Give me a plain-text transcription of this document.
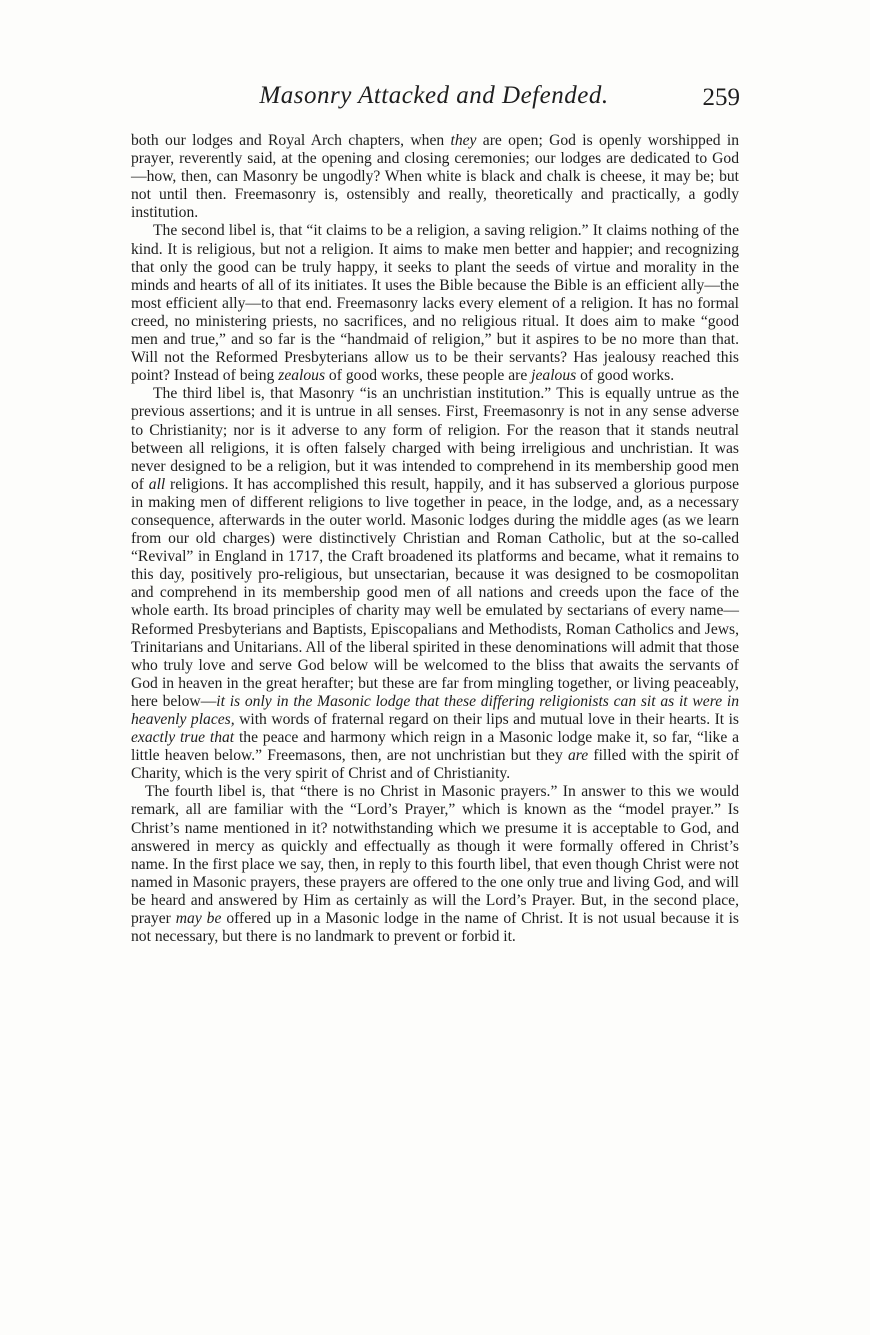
Masonry Attacked and Defended.	259

both our lodges and Royal Arch chapters, when they are open; God is openly worshipped in prayer, reverently said, at the opening and closing ceremonies; our lodges are dedicated to God—how, then, can Masonry be ungodly? When white is black and chalk is cheese, it may be; but not until then. Freemasonry is, ostensibly and really, theoretically and practically, a godly institution.

The second libel is, that “it claims to be a religion, a saving religion.” It claims nothing of the kind. It is religious, but not a religion. It aims to make men better and happier; and recognizing that only the good can be truly happy, it seeks to plant the seeds of virtue and morality in the minds and hearts of all of its initiates. It uses the Bible because the Bible is an efficient ally—the most efficient ally—to that end. Freemasonry lacks every element of a religion. It has no formal creed, no ministering priests, no sacrifices, and no religious ritual. It does aim to make “good men and true,” and so far is the “handmaid of religion,” but it aspires to be no more than that. Will not the Reformed Presbyterians allow us to be their servants? Has jealousy reached this point? Instead of being zealous of good works, these people are jealous of good works.

The third libel is, that Masonry “is an unchristian institution.” This is equally untrue as the previous assertions; and it is untrue in all senses. First, Freemasonry is not in any sense adverse to Christianity; nor is it adverse to any form of religion. For the reason that it stands neutral between all religions, it is often falsely charged with being irreligious and unchristian. It was never designed to be a religion, but it was intended to comprehend in its membership good men of all religions. It has accomplished this result, happily, and it has subserved a glorious purpose in making men of different religions to live together in peace, in the lodge, and, as a necessary consequence, afterwards in the outer world. Masonic lodges during the middle ages (as we learn from our old charges) were distinctively Christian and Roman Catholic, but at the so-called “Revival” in England in 1717, the Craft broadened its platforms and became, what it remains to this day, positively pro-religious, but unsectarian, because it was designed to be cosmopolitan and comprehend in its membership good men of all nations and creeds upon the face of the whole earth. Its broad principles of charity may well be emulated by sectarians of every name—Reformed Presbyterians and Baptists, Episcopalians and Methodists, Roman Catholics and Jews, Trinitarians and Unitarians. All of the liberal spirited in these denominations will admit that those who truly love and serve God below will be welcomed to the bliss that awaits the servants of God in heaven in the great herafter; but these are far from mingling together, or living peaceably, here below—it is only in the Masonic lodge that these differing religionists can sit as it were in heavenly places, with words of fraternal regard on their lips and mutual love in their hearts. It is exactly true that the peace and harmony which reign in a Masonic lodge make it, so far, “like a little heaven below.” Freemasons, then, are not unchristian but they are filled with the spirit of Charity, which is the very spirit of Christ and of Christianity.

The fourth libel is, that “there is no Christ in Masonic prayers.” In answer to this we would remark, all are familiar with the “Lord’s Prayer,” which is known as the “model prayer.” Is Christ’s name mentioned in it? notwithstanding which we presume it is acceptable to God, and answered in mercy as quickly and effectually as though it were formally offered in Christ’s name. In the first place we say, then, in reply to this fourth libel, that even though Christ were not named in Masonic prayers, these prayers are offered to the one only true and living God, and will be heard and answered by Him as certainly as will the Lord’s Prayer. But, in the second place, prayer may be offered up in a Masonic lodge in the name of Christ. It is not usual because it is not necessary, but there is no landmark to prevent or forbid it.
